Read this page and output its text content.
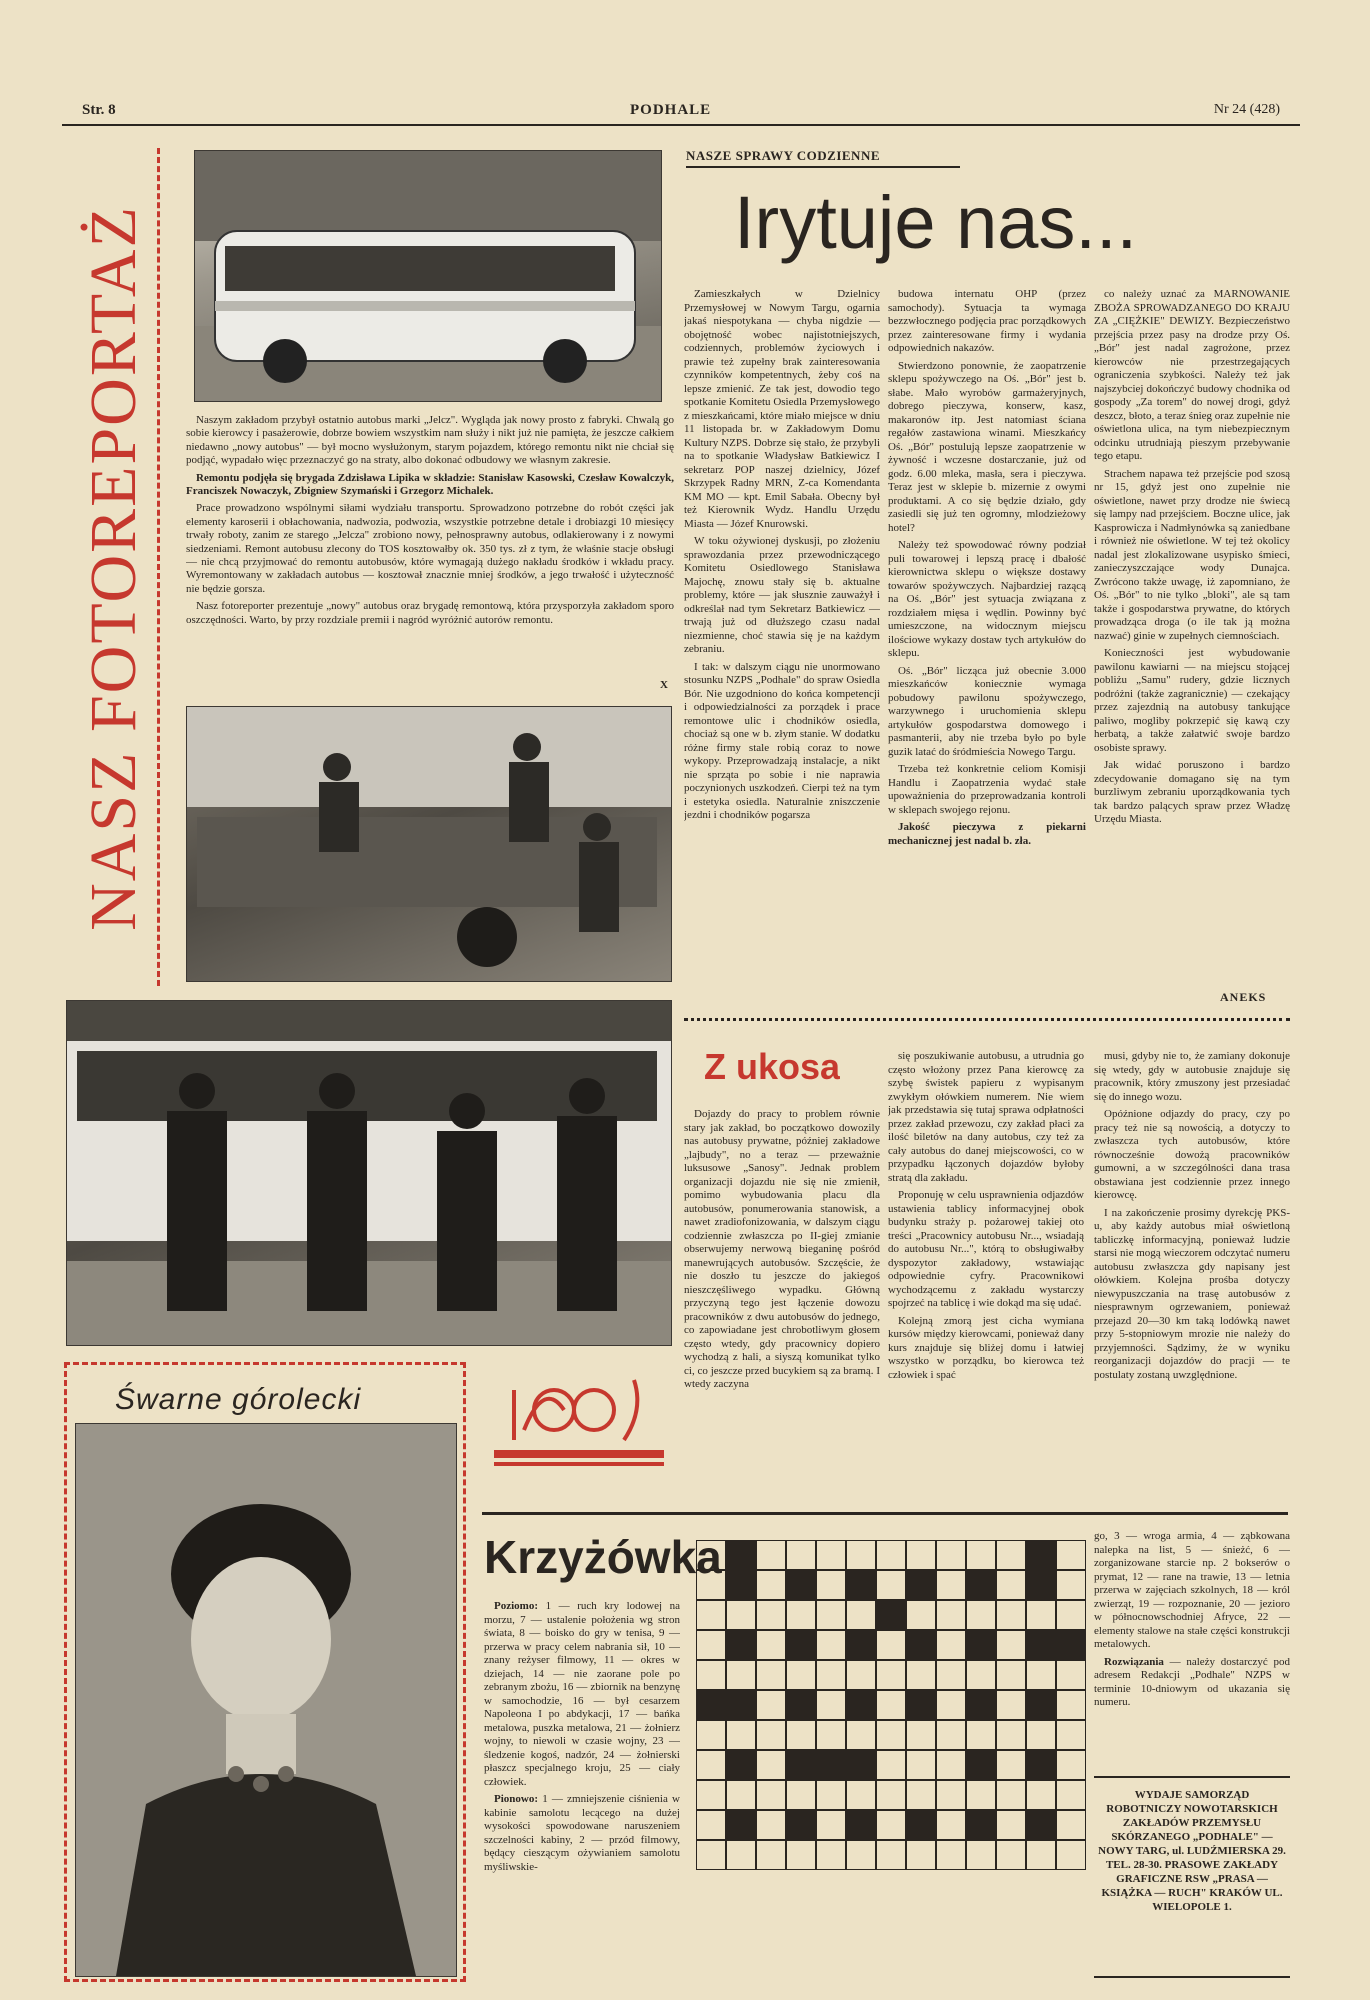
Str. 8	PODHALE	Nr 24 (428)
NASZ FOTOREPORTAŻ	Naszym zakładom przybył ostatnio autobus marki „Jelcz". Wygląda jak nowy prosto z fabryki. Chwalą go sobie kierowcy i pasażerowie, dobrze bowiem wszystkim nam służy i nikt już nie pamięta, że jeszcze całkiem niedawno „nowy autobus" — był mocno wysłużonym, starym pojazdem, którego remontu nikt nie chciał się podjąć, wypadało więc przeznaczyć go na straty, albo dokonać odbudowy we własnym zakresie.

Remontu podjęła się brygada Zdzisława Lipika w składzie: Stanisław Kasowski, Czesław Kowalczyk, Franciszek Nowaczyk, Zbigniew Szymański i Grzegorz Michalek.

Prace prowadzono wspólnymi siłami wydziału transportu. Sprowadzono potrzebne do robót części jak elementy karoserii i obłachowania, nadwozia, podwozia, wszystkie potrzebne detale i drobiazgi 10 miesięcy trwały roboty, zanim ze starego „Jelcza" zrobiono nowy, pełnosprawny autobus, odlakierowany i z nowymi siedzeniami. Remont autobusu zlecony do TOS kosztowałby ok. 350 tys. zł z tym, że właśnie stacje obsługi — nie chcą przyjmować do remontu autobusów, które wymagają dużego nakładu środków i wkładu pracy. Wyremontowany w zakładach autobus — kosztował znacznie mniej środków, a jego trwałość i użyteczność nie będzie gorsza.

Nasz fotoreporter prezentuje „nowy" autobus oraz brygadę remontową, która przysporzyła zakładom sporo oszczędności. Warto, by przy rozdziale premii i nagród wyróżnić autorów remontu.

X
Śwarne górolecki
NASZE SPRAWY CODZIENNE
Irytuje nas...

Zamieszkałych w Dzielnicy Przemysłowej w Nowym Targu, ogarnia jakaś niespotykana — chyba nigdzie — obojętność wobec najistotniejszych, codziennych, problemów życiowych i prawie też zupełny brak zainteresowania czynników kompetentnych, żeby coś na lepsze zmienić. Ze tak jest, dowodio tego spotkanie Komitetu Osiedla Przemysłowego z mieszkańcami, które miało miejsce w dniu 11 listopada br. w Zakładowym Domu Kultury NZPS. Dobrze się stało, że przybyli na to spotkanie Władysław Batkiewicz I sekretarz POP naszej dzielnicy, Józef Skrzypek Radny MRN, Z-ca Komendanta KM MO — kpt. Emil Sabała. Obecny był też Kierownik Wydz. Handlu Urzędu Miasta — Józef Knurowski.

W toku ożywionej dyskusji, po złożeniu sprawozdania przez przewodniczącego Komitetu Osiedlowego Stanisława Majochę, znowu stały się b. aktualne problemy, które — jak słusznie zauważył i odkreślał nad tym Sekretarz Batkiewicz — trwają już od dłuższego czasu nadal niezmienne, choć stawia się je na każdym zebraniu.

I tak: w dalszym ciągu nie unormowano stosunku NZPS „Podhale" do spraw Osiedla Bór. Nie uzgodniono do końca kompetencji i odpowiedzialności za porządek i prace remontowe ulic i chodników osiedla, chociaż są one w b. złym stanie. W dodatku różne firmy stale robią coraz to nowe wykopy. Przeprowadzają instalacje, a nikt nie sprząta po sobie i nie naprawia poczynionych uszkodzeń. Cierpi też na tym i estetyka osiedla. Naturalnie zniszczenie jezdni i chodników pogarsza

budowa internatu OHP (przez samochody). Sytuacja ta wymaga bezzwłocznego podjęcia prac porządkowych przez zainteresowane firmy i wydania odpowiednich nakazów.

Stwierdzono ponownie, że zaopatrzenie sklepu spożywczego na Oś. „Bór" jest b. słabe. Mało wyrobów garmażeryjnych, dobrego pieczywa, konserw, kasz, makaronów itp. Jest natomiast ściana regałów zastawiona winami. Mieszkańcy Oś. „Bór" postulują lepsze zaopatrzenie w żywność i wczesne dostarczanie, już od godz. 6.00 mleka, masła, sera i pieczywa. Teraz jest w sklepie b. mizernie z owymi produktami. A co się będzie działo, gdy zasiedli się już ten ogromny, mlodzieżowy hotel?

Należy też spowodować równy podział puli towarowej i lepszą pracę i dbałość kierownictwa sklepu o większe dostawy towarów spożywczych. Najbardziej razącą na Oś. „Bór" jest sytuacja związana z rozdziałem mięsa i wędlin. Powinny być umieszczone, na widocznym miejscu ilościowe wykazy dostaw tych artykułów do sklepu.

Oś. „Bór" licząca już obecnie 3.000 mieszkańców koniecznie wymaga pobudowy pawilonu spożywczego, warzywnego i uruchomienia sklepu artykułów gospodarstwa domowego i pasmanterii, aby nie trzeba było po byle guzik latać do śródmieścia Nowego Targu.

Trzeba też konkretnie celiom Komisji Handlu i Zaopatrzenia wydać stałe upoważnienia do przeprowadzania kontroli w sklepach swojego rejonu.

Jakość pieczywa z piekarni mechanicznej jest nadal b. zła.

co należy uznać za MARNOWANIE ZBOŻA SPROWADZANEGO DO KRAJU ZA „CIĘŻKIE" DEWIZY. Bezpieczeństwo przejścia przez pasy na drodze przy Oś. „Bór" jest nadal zagrożone, przez kierowców nie przestrzegających ograniczenia szybkości. Należy też jak najszybciej dokończyć budowy chodnika od gospody „Za torem" do nowej drogi, gdyż deszcz, błoto, a teraz śnieg oraz zupełnie nie oświetlona ulica, na tym niebezpiecznym odcinku utrudniają pieszym przebywanie tego etapu.

Strachem napawa też przejście pod szosą nr 15, gdyż jest ono zupełnie nie oświetlone, nawet przy drodze nie świecą się lampy nad przejściem. Boczne ulice, jak Kasprowicza i Nadmłynówka są zaniedbane i również nie oświetlone. W tej też okolicy nadal jest zlokalizowane usypisko śmieci, zanieczyszczające wody Dunajca. Zwrócono także uwagę, iż zapomniano, że Oś. „Bór" to nie tylko „bloki", ale są tam także i gospodarstwa prywatne, do których prowadząca droga (o ile tak ją można nazwać) ginie w zupełnych ciemnościach.

Konieczności jest wybudowanie pawilonu kawiarni — na miejscu stojącej pobliżu „Samu" rudery, gdzie licznych podróżni (także zagranicznie) — czekający przez zajezdnią na autobusy tankujące paliwo, mogliby pokrzepić się kawą czy herbatą, a także załatwić swoje bardzo osobiste sprawy.

Jak widać poruszono i bardzo zdecydowanie domagano się na tym burzliwym zebraniu uporządkowania tych tak bardzo palących spraw przez Władzę Urzędu Miasta.

ANEKS
Z ukosa

Dojazdy do pracy to problem równie stary jak zakład, bo początkowo dowozily nas autobusy prywatne, później zakładowe „lajbudy", no a teraz — przeważnie luksusowe „Sanosy". Jednak problem organizacji dojazdu nie się nie zmienił, pomimo wybudowania placu dla autobusów, ponumerowania stanowisk, a nawet zradiofonizowania, w dalszym ciągu codziennie zwłaszcza po II-giej zmianie obserwujemy nerwową bieganinę pośród manewrujących autobusów. Szczęście, że nie doszło tu jeszcze do jakiegoś nieszczęśliwego wypadku. Główną przyczyną tego jest łączenie dowozu pracowników z dwu autobusów do jednego, co zapowiadane jest chrobotliwym głosem często wtedy, gdy pracownicy dopiero wychodzą z hali, a siyszą komunikat tylko ci, co jeszcze przed bucykiem są za bramą. I wtedy zaczyna

się poszukiwanie autobusu, a utrudnia go często włożony przez Pana kierowcę za szybę świstek papieru z wypisanym zwykłym ołówkiem numerem. Nie wiem jak przedstawia się tutaj sprawa odpłatności przez zakład przewozu, czy zakład płaci za ilość biletów na dany autobus, czy też za cały autobus do danej miejscowości, co w przypadku łączonych dojazdów byłoby stratą dla zakładu.

Proponuję w celu usprawnienia odjazdów ustawienia tablicy informacyjnej obok budynku straży p. pożarowej takiej oto treści „Pracownicy autobusu Nr..., wsiadają do autobusu Nr...", którą to obsługiwałby dyspozytor zakładowy, wstawiając odpowiednie cyfry. Pracownikowi wychodzącemu z zakładu wystarczy spojrzeć na tablicę i wie dokąd ma się udać.

Kolejną zmorą jest cicha wymiana kursów między kierowcami, ponieważ dany kurs znajduje się bliżej domu i łatwiej wszystko w porządku, bo kierowca też człowiek i spać

musi, gdyby nie to, że zamiany dokonuje się wtedy, gdy w autobusie znajduje się pracownik, który zmuszony jest przesiadać się do innego wozu.

Opóźnione odjazdy do pracy, czy po pracy też nie są nowością, a dotyczy to zwłaszcza tych autobusów, które równocześnie dowożą pracowników gumowni, a w szczególności dana trasa obstawiana jest codziennie przez innego kierowcę.

I na zakończenie prosimy dyrekcję PKS-u, aby każdy autobus miał oświetloną tabliczkę informacyjną, ponieważ ludzie starsi nie mogą wieczorem odczytać numeru autobusu zwłaszcza gdy napisany jest ołówkiem. Kolejna prośba dotyczy niewypuszczania na trasę autobusów z niesprawnym ogrzewaniem, ponieważ przejazd 20—30 km taką lodówką nawet przy 5-stopniowym mrozie nie należy do przyjemności. Sądzimy, że w wyniku reorganizacji dojazdów do pracji — te postulaty zostaną uwzględnione.

Krzyżówka

Poziomo: 1 — ruch kry lodowej na morzu, 7 — ustalenie położenia wg stron świata, 8 — boisko do gry w tenisa, 9 — przerwa w pracy celem nabrania sił, 10 — znany reżyser filmowy, 11 — okres w dziejach, 14 — nie zaorane pole po zebranym zbożu, 16 — zbiornik na benzynę w samochodzie, 16 — był cesarzem Napoleona I po abdykacji, 17 — bańka metalowa, puszka metalowa, 21 — żołnierz wojny, to niewoli w czasie wojny, 23 — śledzenie kogoś, nadzór, 24 — żołnierski płaszcz specjalnego kroju, 25 — ciały człowiek.

Pionowo: 1 — zmniejszenie ciśnienia w kabinie samolotu lecącego na dużej wysokości spowodowane naruszeniem szczelności kabiny, 2 — przód filmowy, będący cieszącym ożywianiem samolotu myśliwskie-

go, 3 — wroga armia, 4 — ząbkowana nalepka na list, 5 — śnieżć, 6 — zorganizowane starcie np. 2 bokserów o prymat, 12 — rane na trawie, 13 — letnia przerwa w zajęciach szkolnych, 18 — król zwierząt, 19 — rozpoznanie, 20 — jezioro w północnowschodniej Afryce, 22 — elementy stalowe na stałe części konstrukcji metalowych.

Rozwiązania — należy dostarczyć pod adresem Redakcji „Podhale" NZPS w terminie 10-dniowym od ukazania się numeru.

WYDAJE SAMORZĄD ROBOTNICZY NOWOTARSKICH ZAKŁADÓW PRZEMYSŁU SKÓRZANEGO „PODHALE" — NOWY TARG, ul. LUDŹMIERSKA 29. TEL. 28-30. PRASOWE ZAKŁADY GRAFICZNE RSW „PRASA — KSIĄŻKA — RUCH" KRAKÓW UL. WIELOPOLE 1.
